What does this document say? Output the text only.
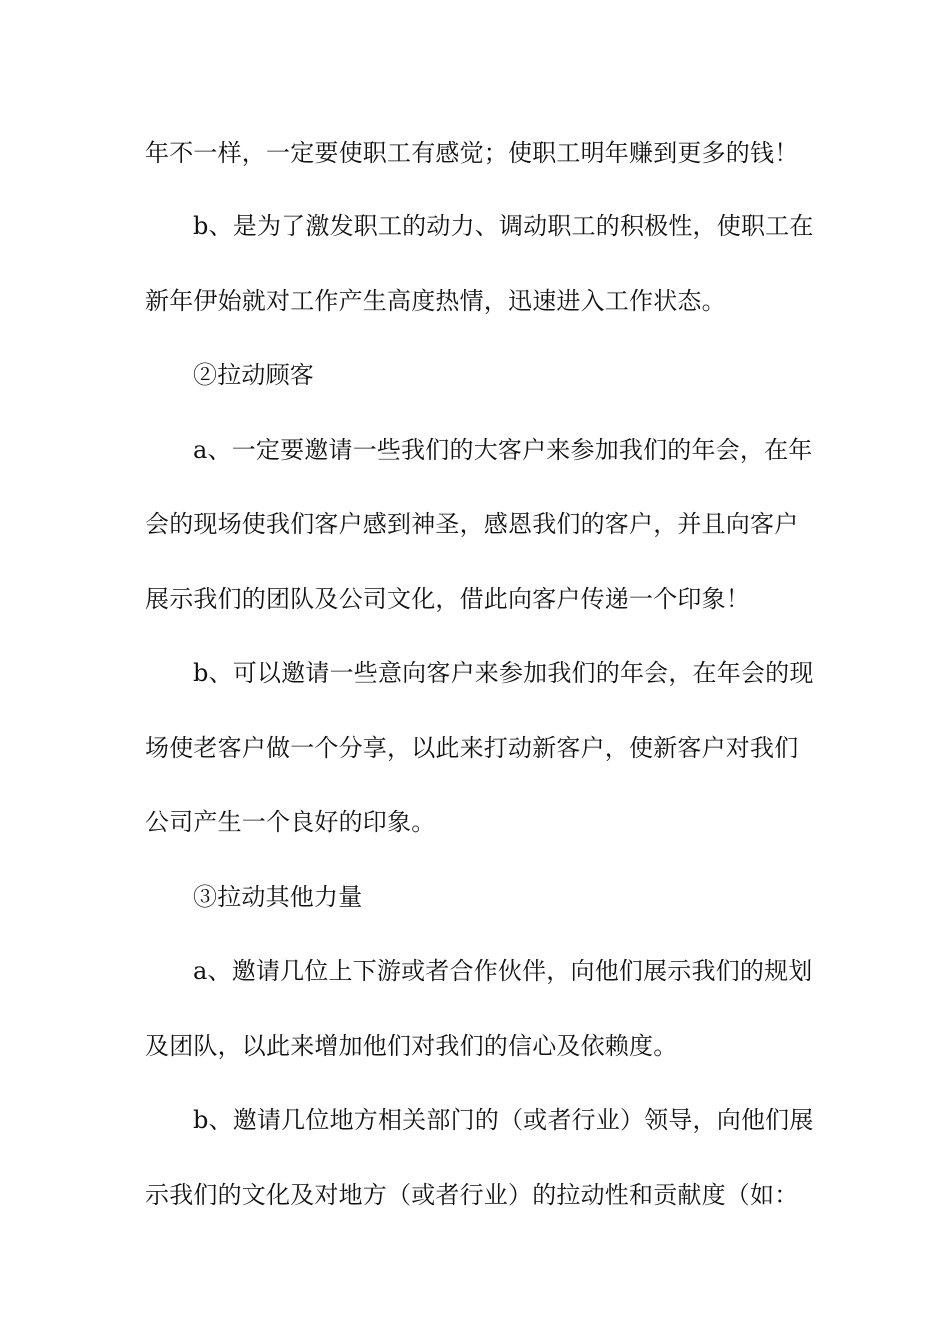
年不一样，一定要使职工有感觉；使职工明年赚到更多的钱！
b、是为了激发职工的动力、调动职工的积极性，使职工在
新年伊始就对工作产生高度热情，迅速进入工作状态。
②拉动顾客
a、一定要邀请一些我们的大客户来参加我们的年会，在年
会的现场使我们客户感到神圣，感恩我们的客户，并且向客户
展示我们的团队及公司文化，借此向客户传递一个印象！
b、可以邀请一些意向客户来参加我们的年会，在年会的现
场使老客户做一个分享，以此来打动新客户，使新客户对我们
公司产生一个良好的印象。
③拉动其他力量
a、邀请几位上下游或者合作伙伴，向他们展示我们的规划
及团队，以此来增加他们对我们的信心及依赖度。
b、邀请几位地方相关部门的（或者行业）领导，向他们展
示我们的文化及对地方（或者行业）的拉动性和贡献度（如：
